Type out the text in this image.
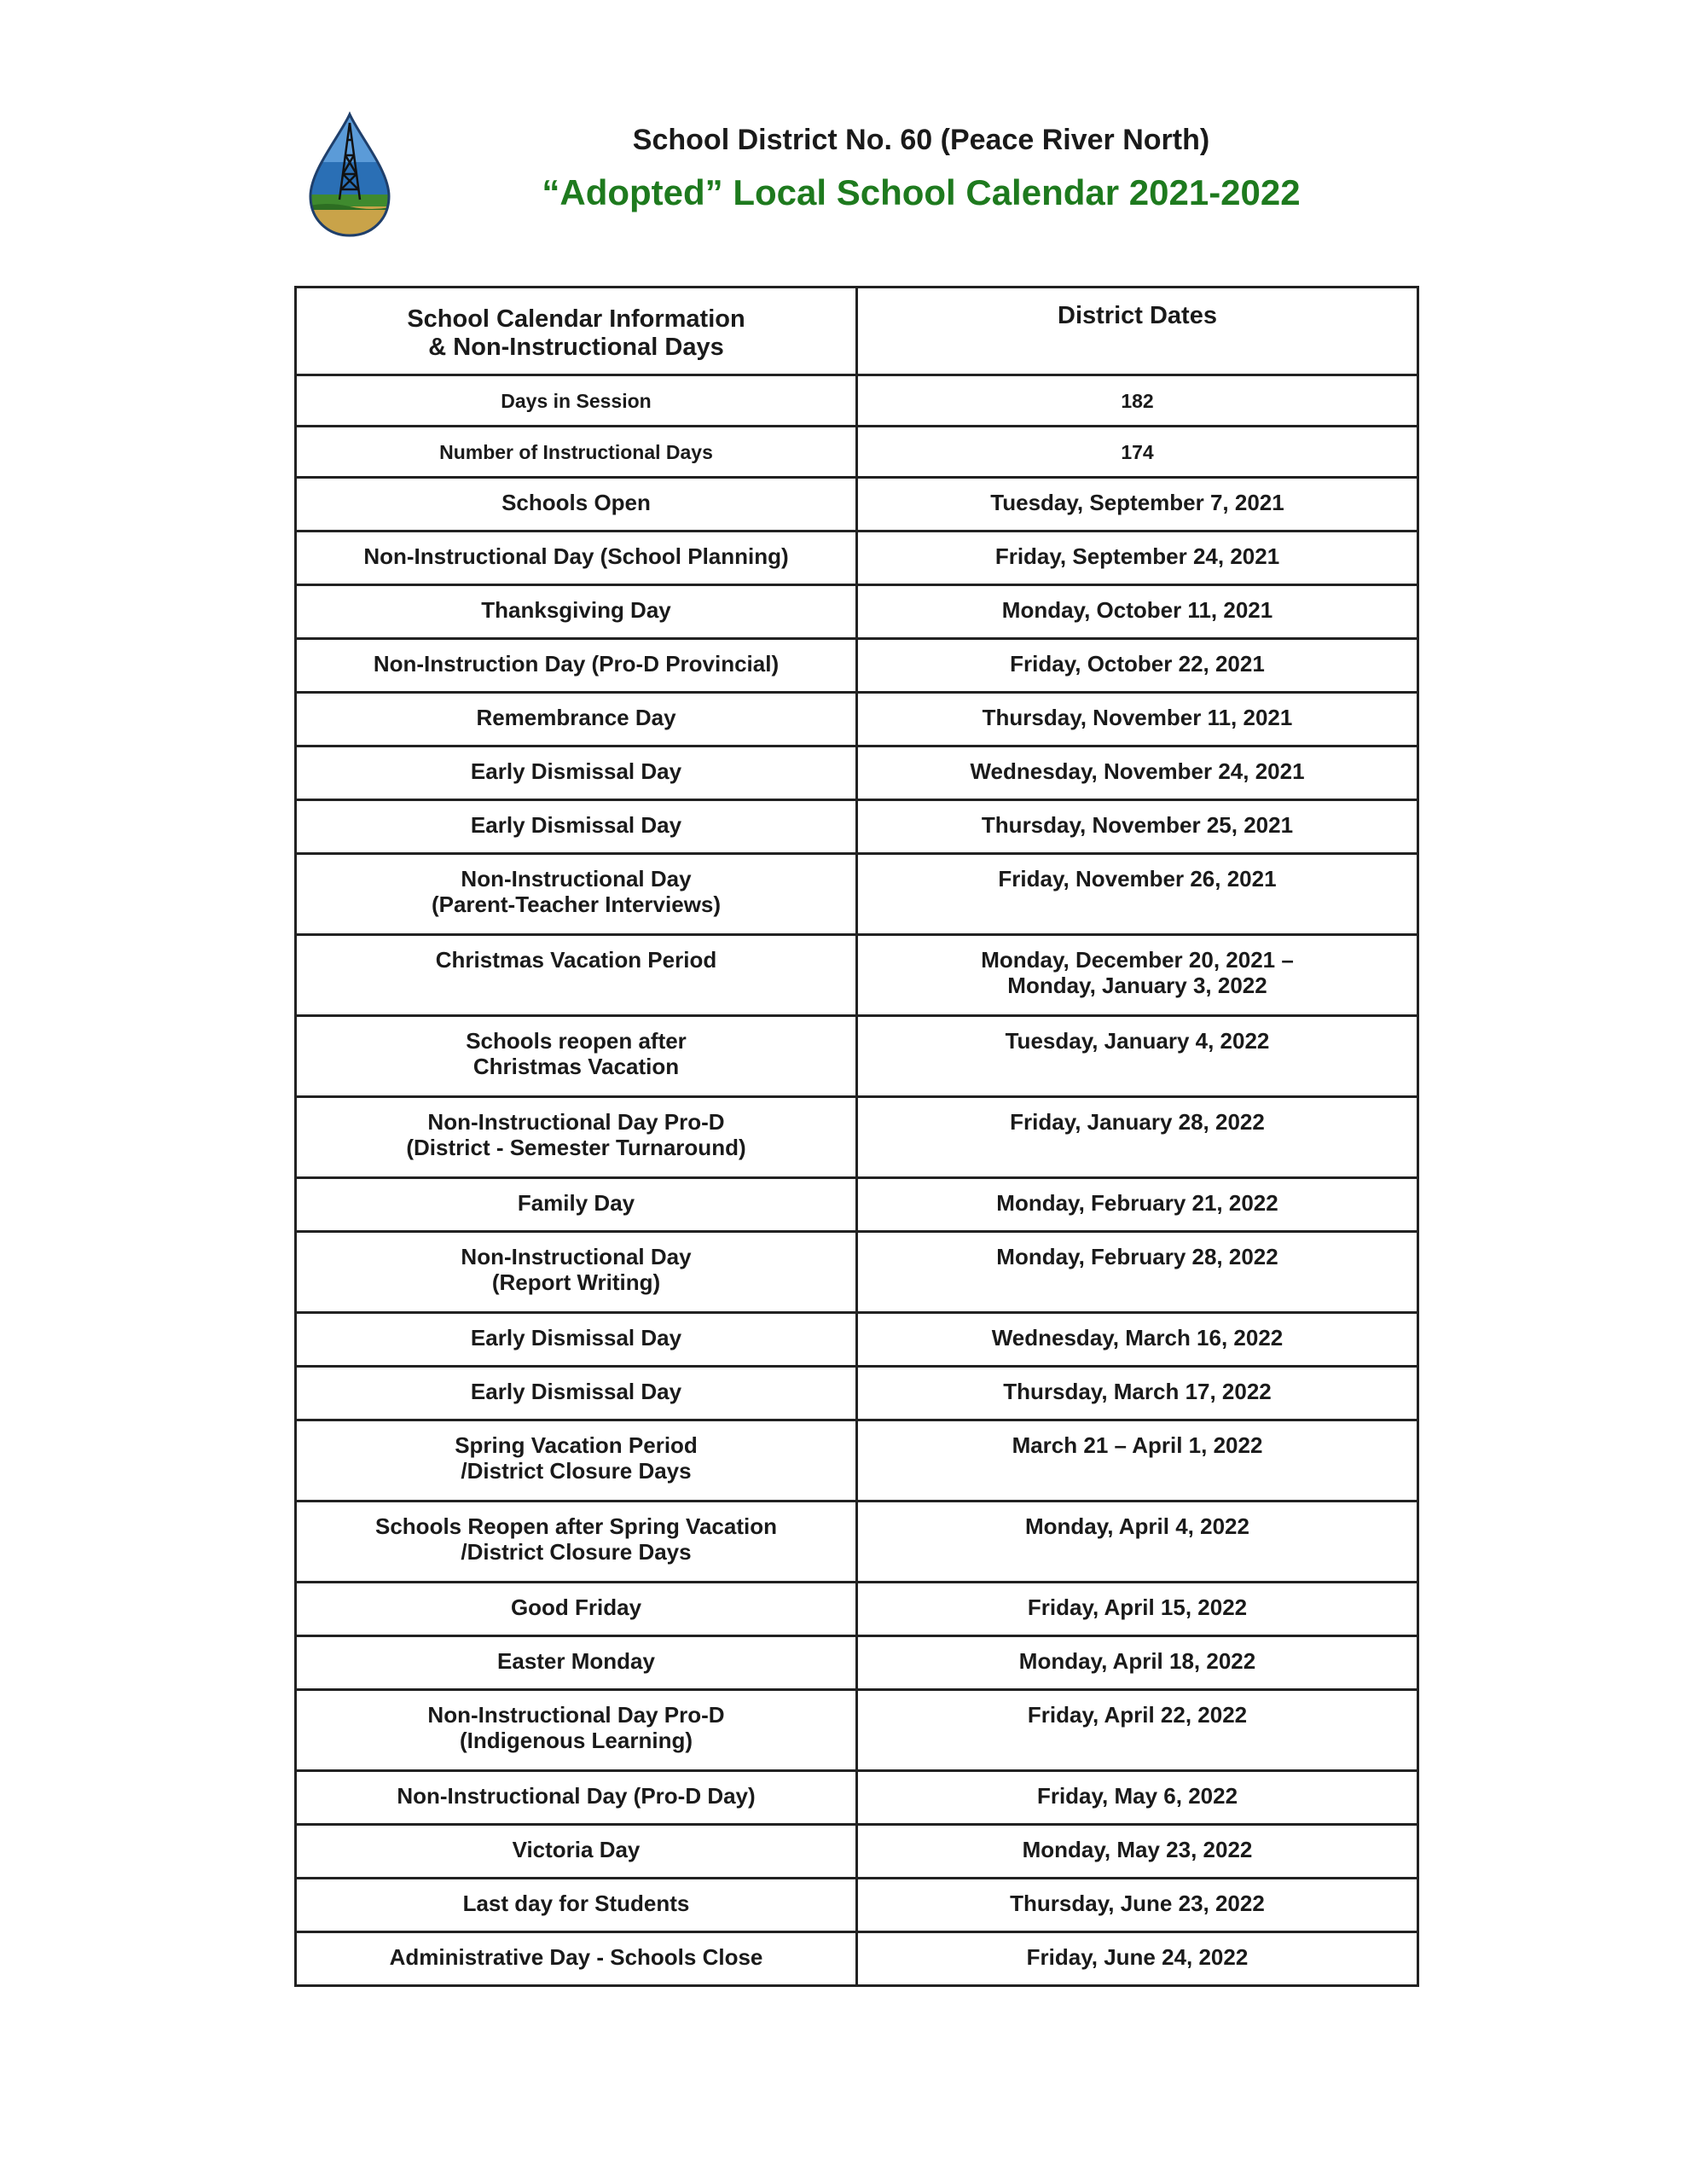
School District No. 60 (Peace River North)
“Adopted” Local School Calendar 2021-2022
School Calendar Information
& Non-Instructional Days	District Dates
Days in Session	182
Number of Instructional Days	174
Schools Open	Tuesday, September 7, 2021
Non-Instructional Day (School Planning)	Friday, September 24, 2021
Thanksgiving Day	Monday, October 11, 2021
Non-Instruction Day (Pro-D Provincial)	Friday, October 22, 2021
Remembrance Day	Thursday, November 11, 2021
Early Dismissal Day	Wednesday, November 24, 2021
Early Dismissal Day	Thursday, November 25, 2021
Non-Instructional Day
(Parent-Teacher Interviews)	Friday, November 26, 2021
Christmas Vacation Period	Monday, December 20, 2021 –
Monday, January 3, 2022
Schools reopen after
Christmas Vacation	Tuesday, January 4, 2022
Non-Instructional Day Pro-D
(District - Semester Turnaround)	Friday, January 28, 2022
Family Day	Monday, February 21, 2022
Non-Instructional Day
(Report Writing)	Monday, February 28, 2022
Early Dismissal Day	Wednesday, March 16, 2022
Early Dismissal Day	Thursday, March 17, 2022
Spring Vacation Period
/District Closure Days	March 21 – April 1, 2022
Schools Reopen after Spring Vacation
/District Closure Days	Monday, April 4, 2022
Good Friday	Friday, April 15, 2022
Easter Monday	Monday, April 18, 2022
Non-Instructional Day Pro-D
(Indigenous Learning)	Friday, April 22, 2022
Non-Instructional Day (Pro-D Day)	Friday, May 6, 2022
Victoria Day	Monday, May 23, 2022
Last day for Students	Thursday, June 23, 2022
Administrative Day - Schools Close	Friday, June 24, 2022
